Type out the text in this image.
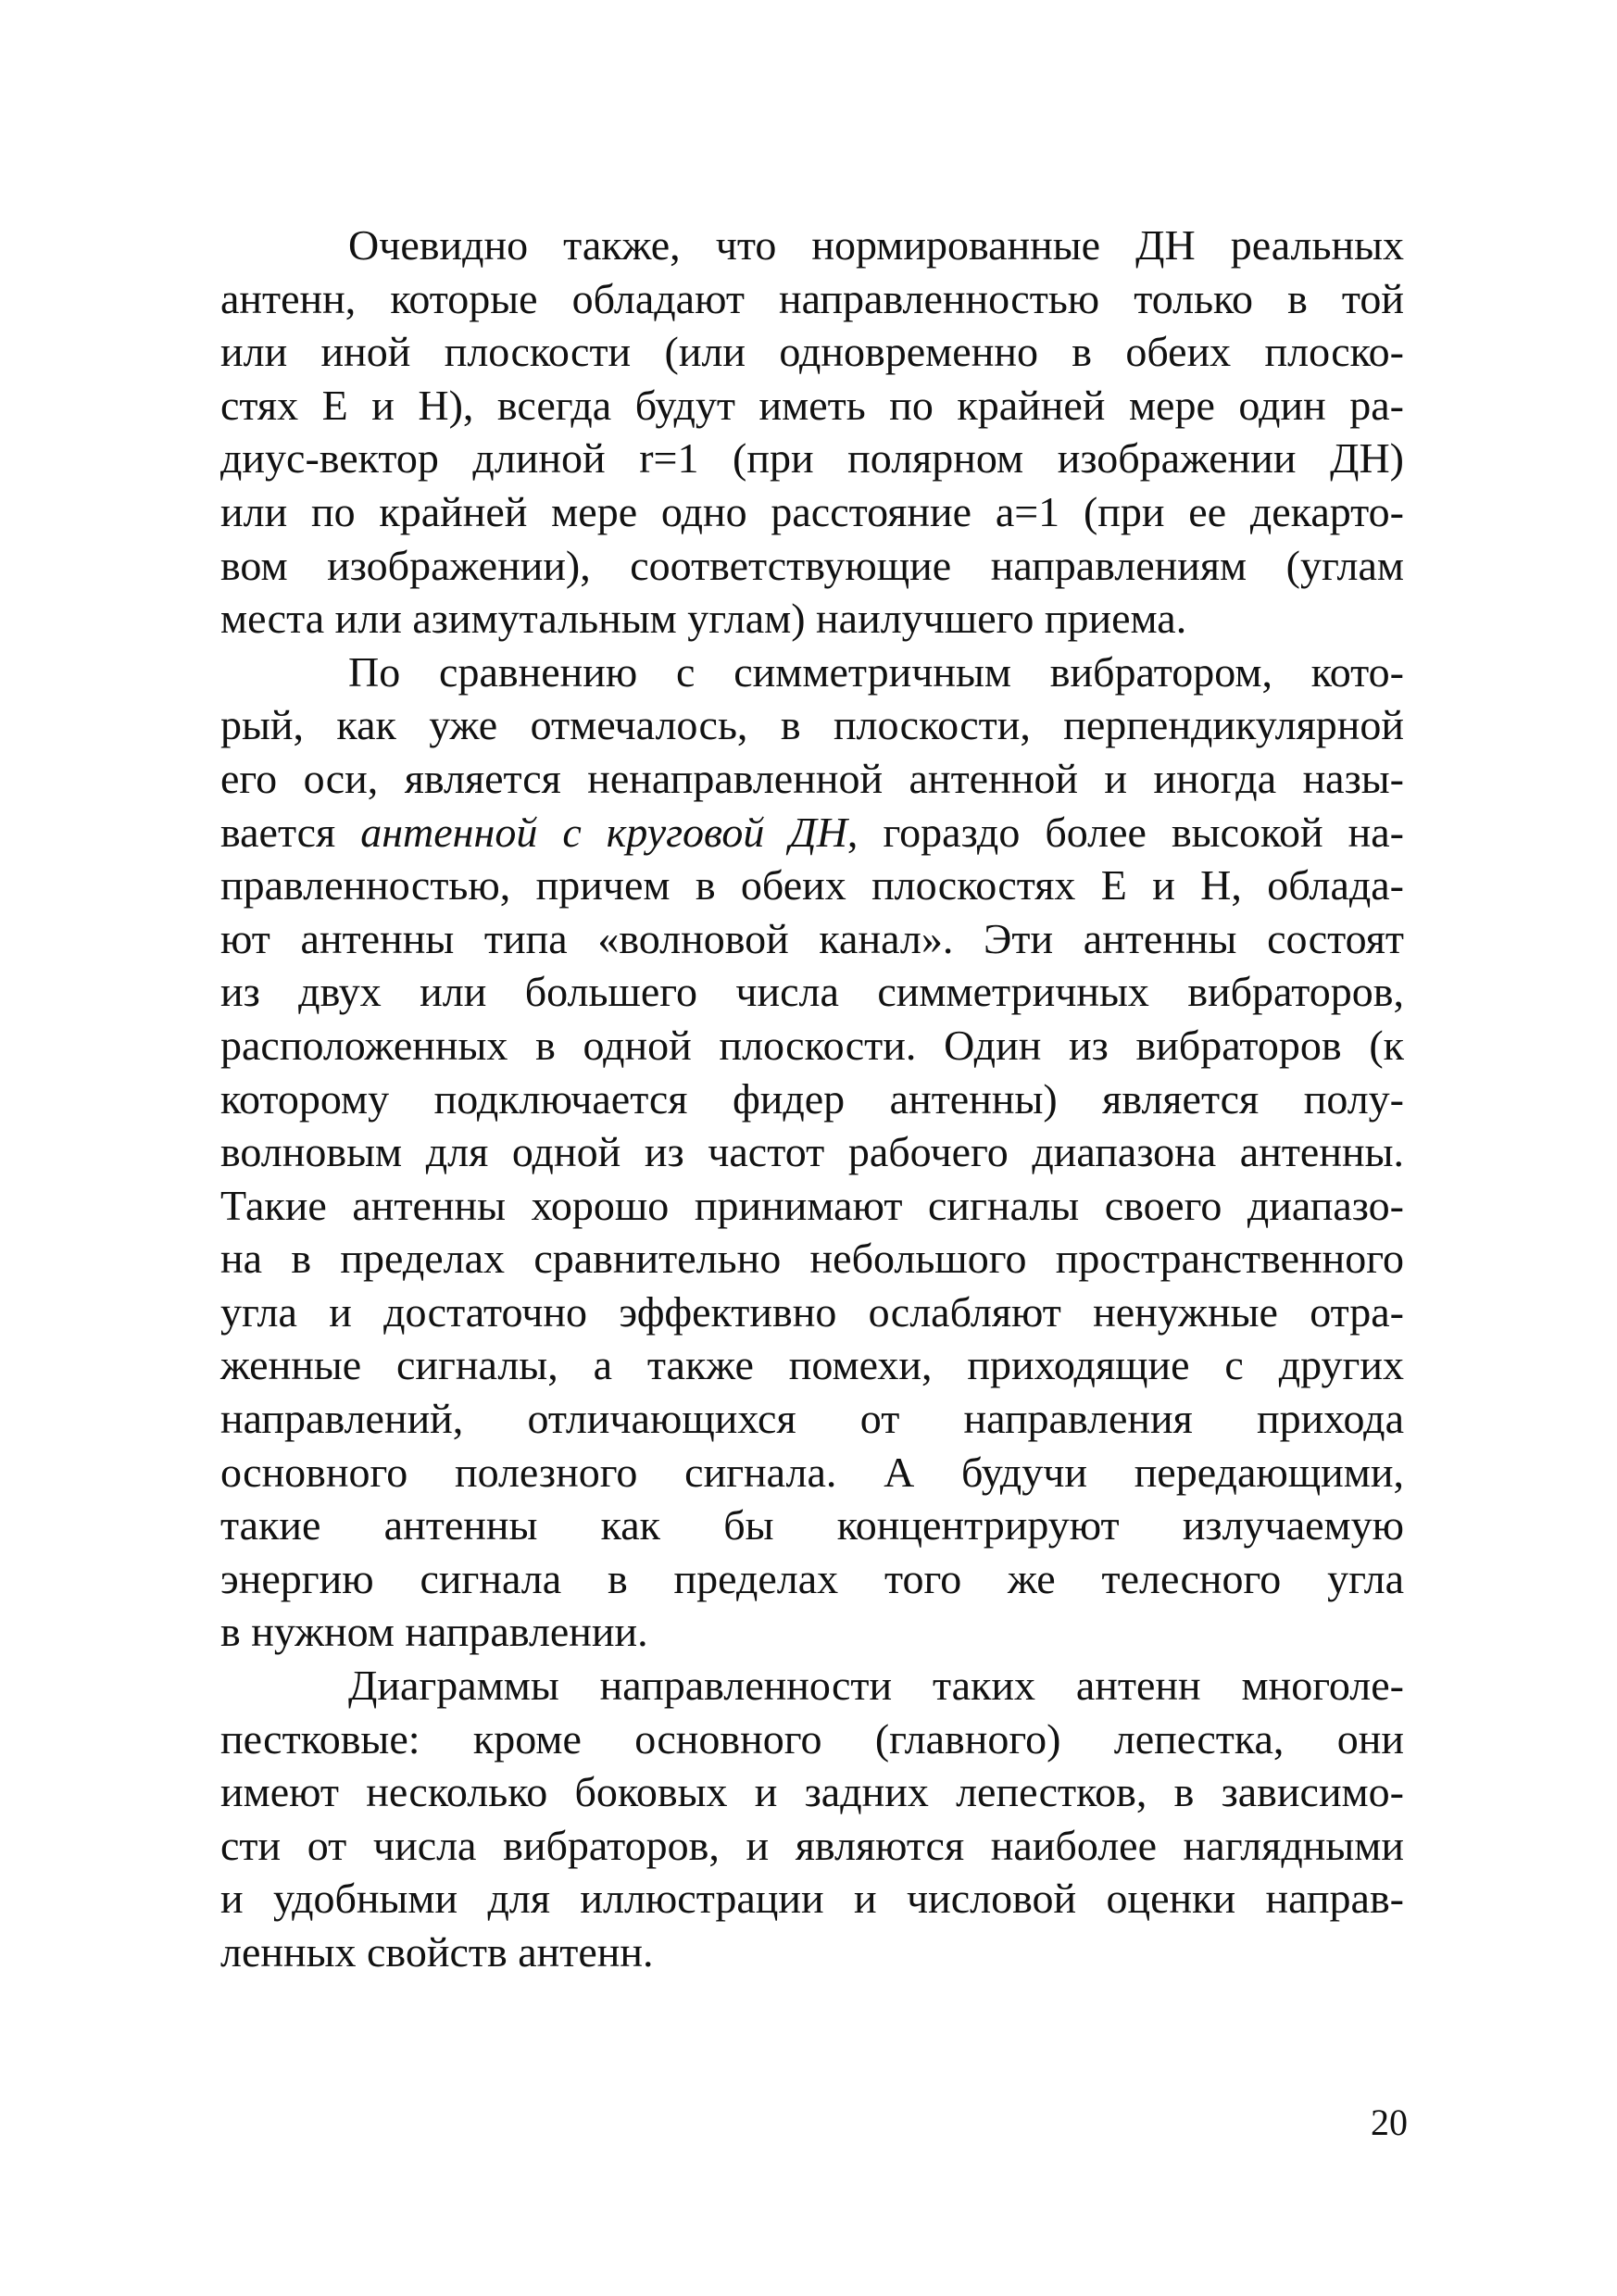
Очевидно также, что нормированные ДН реальных
антенн, которые обладают направленностью только в той
или иной плоскости (или одновременно в обеих плоско-
стях Е и Н), всегда будут иметь по крайней мере один ра-
диус-вектор длиной r=1 (при полярном изображении ДН)
или по крайней мере одно расстояние а=1 (при ее декарто-
вом изображении), соответствующие направлениям (углам
места или азимутальным углам) наилучшего приема.
По сравнению с симметричным вибратором, кото-
рый, как уже отмечалось, в плоскости, перпендикулярной
его оси, является ненаправленной антенной и иногда назы-
вается антенной с круговой ДН, гораздо более высокой на-
правленностью, причем в обеих плоскостях Е и Н, облада-
ют антенны типа «волновой канал». Эти антенны состоят
из двух или большего числа симметричных вибраторов,
расположенных в одной плоскости. Один из вибраторов (к
которому подключается фидер антенны) является полу-
волновым для одной из частот рабочего диапазона антенны.
Такие антенны хорошо принимают сигналы своего диапазо-
на в пределах сравнительно небольшого пространственного
угла и достаточно эффективно ослабляют ненужные отра-
женные сигналы, а также помехи, приходящие с других
направлений, отличающихся от направления прихода
основного полезного сигнала. А будучи передающими,
такие антенны как бы концентрируют излучаемую
энергию сигнала в пределах того же телесного угла
в нужном направлении.
Диаграммы направленности таких антенн многоле-
пестковые: кроме основного (главного) лепестка, они
имеют несколько боковых и задних лепестков, в зависимо-
сти от числа вибраторов, и являются наиболее наглядными
и удобными для иллюстрации и числовой оценки направ-
ленных свойств антенн.
20
